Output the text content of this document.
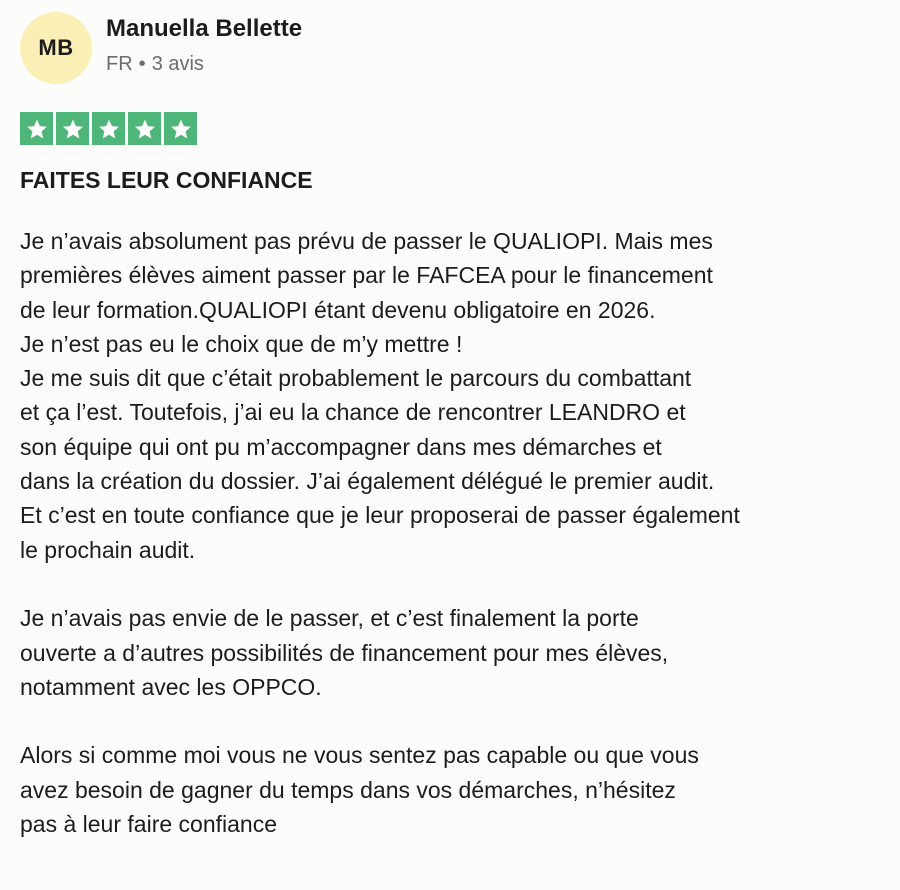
MB
Manuella Bellette
FR • 3 avis
FAITES LEUR CONFIANCE
Je n’avais absolument pas prévu de passer le QUALIOPI. Mais mes
premières élèves aiment passer par le FAFCEA pour le financement
de leur formation.QUALIOPI étant devenu obligatoire en 2026.
Je n’est pas eu le choix que de m’y mettre !
Je me suis dit que c’était probablement le parcours du combattant
et ça l’est. Toutefois, j’ai eu la chance de rencontrer LEANDRO et
son équipe qui ont pu m’accompagner dans mes démarches et
dans la création du dossier. J’ai également délégué le premier audit.
Et c’est en toute confiance que je leur proposerai de passer également
le prochain audit.
Je n’avais pas envie de le passer, et c’est finalement la porte
ouverte a d’autres possibilités de financement pour mes élèves,
notamment avec les OPPCO.
Alors si comme moi vous ne vous sentez pas capable ou que vous
avez besoin de gagner du temps dans vos démarches, n’hésitez
pas à leur faire confiance
